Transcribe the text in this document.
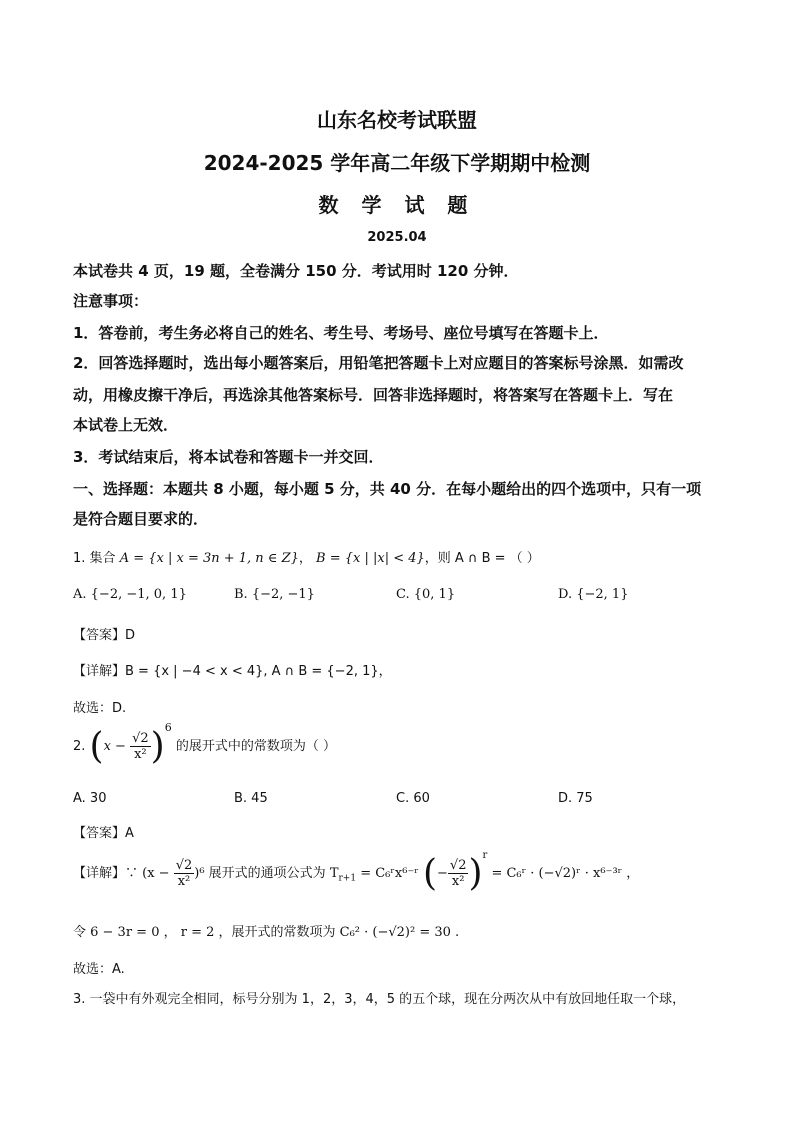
山东名校考试联盟
2024-2025 学年高二年级下学期期中检测
数 学 试 题
2025.04
本试卷共 4 页，19 题，全卷满分 150 分．考试用时 120 分钟．
注意事项：
1．答卷前，考生务必将自己的姓名、考生号、考场号、座位号填写在答题卡上．
2．回答选择题时，选出每小题答案后，用铅笔把答题卡上对应题目的答案标号涂黑．如需改
动，用橡皮擦干净后，再选涂其他答案标号．回答非选择题时，将答案写在答题卡上．写在
本试卷上无效．
3．考试结束后，将本试卷和答题卡一并交回．
一、选择题：本题共 8 小题，每小题 5 分，共 40 分．在每小题给出的四个选项中，只有一项
是符合题目要求的．
1. 集合 A = {x | x = 3n + 1, n ∈ Z}， B = {x | |x| < 4}，则 A ∩ B = （ ）
A. {−2, −1, 0, 1}	B. {−2, −1}	C. {0, 1}	D. {−2, 1}
【答案】D
【详解】B = {x | −4 < x < 4}, A ∩ B = {−2, 1}，
故选：D.
2. $(x - \frac{√2}{\text{x²}} )^6$ 的展开式中的常数项为（ ）
A. 30	B. 45	C. 60	D. 75
【答案】A
【详解】∵ $(x - \frac{√2}{\text{x²}} )^6$ 展开式的通项公式为 $T_{r+1}$ = C₆ʳx⁶⁻ʳ (− $\frac{√2}{\text{x²}} )^r$ = C₆ʳ · (−√2)ʳ · x⁶⁻³ʳ ，
令 6 − 3r = 0 ， r = 2 ，展开式的常数项为 C₆² · (−√2)² = 30 .
故选：A.
3. 一袋中有外观完全相同，标号分别为 1，2，3，4，5 的五个球，现在分两次从中有放回地任取一个球，
